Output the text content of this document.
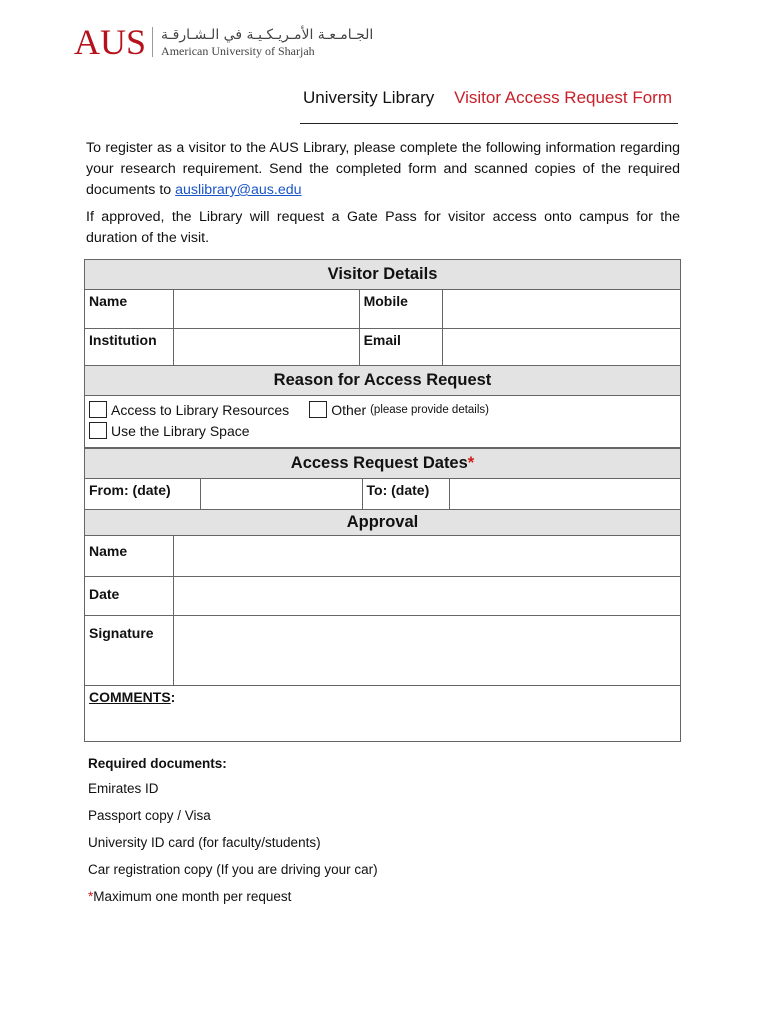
AUS الجـامـعـة الأمـريـكـيـة في الـشـارقـة
American University of Sharjah
University Library Visitor Access Request Form

To register as a visitor to the AUS Library, please complete the following information regarding your research requirement. Send the completed form and scanned copies of the required documents to auslibrary@aus.edu

If approved, the Library will request a Gate Pass for visitor access onto campus for the duration of the visit.

Visitor Details			
Name		Mobile	
Institution		Email	
Reason for Access Request

Access to Library Resources	Other
(please provide details)
Use the Library Space
Access Request Dates*
From: (date)		To: (date)	
Approval	
Name	
Date	
Signature	
COMMENTS:	
Required documents:
Emirates ID
Passport copy / Visa
University ID card (for faculty/students)
Car registration copy (If you are driving your car)
*Maximum one month per request
